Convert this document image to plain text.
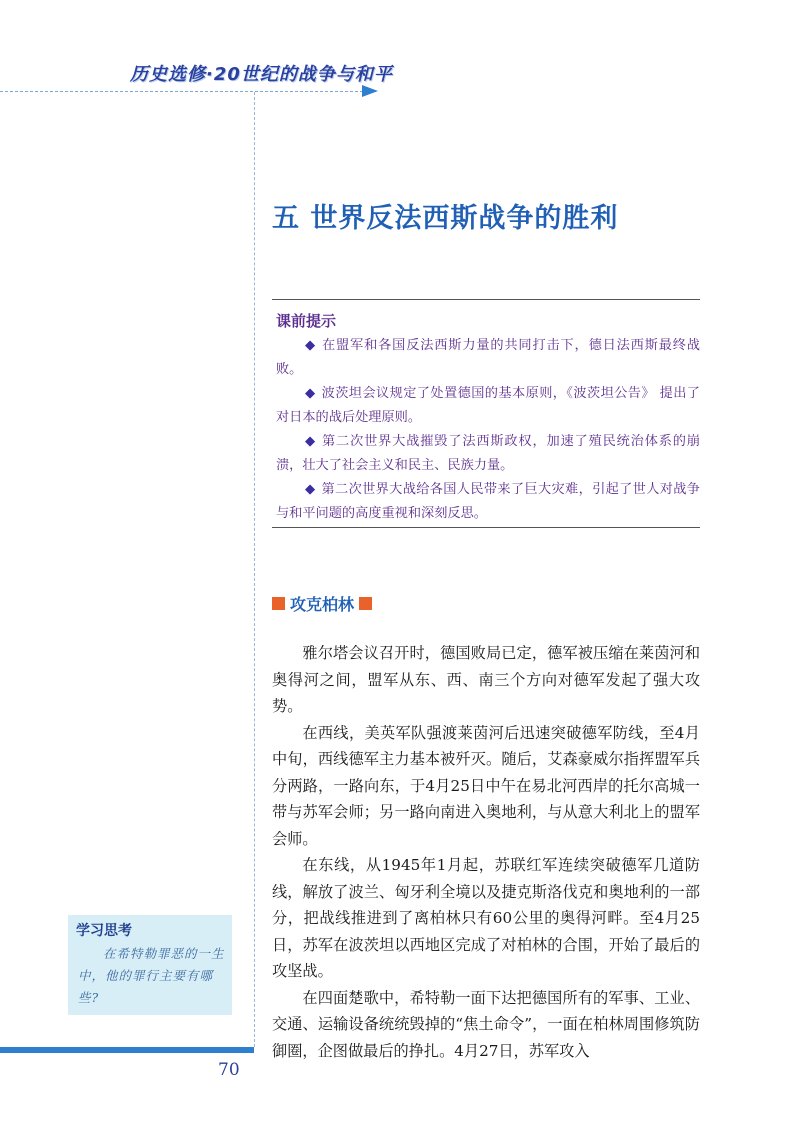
历史选修·20世纪的战争与和平
五 世界反法西斯战争的胜利
课前提示
◆ 在盟军和各国反法西斯力量的共同打击下，德日法西斯最终战败。
◆ 波茨坦会议规定了处置德国的基本原则，《波茨坦公告》 提出了对日本的战后处理原则。
◆ 第二次世界大战摧毁了法西斯政权，加速了殖民统治体系的崩溃，壮大了社会主义和民主、民族力量。
◆ 第二次世界大战给各国人民带来了巨大灾难，引起了世人对战争与和平问题的高度重视和深刻反思。
攻克柏林

雅尔塔会议召开时，德国败局已定，德军被压缩在莱茵河和奥得河之间，盟军从东、西、南三个方向对德军发起了强大攻势。

在西线，美英军队强渡莱茵河后迅速突破德军防线，至4月中旬，西线德军主力基本被歼灭。随后，艾森豪威尔指挥盟军兵分两路，一路向东，于4月25日中午在易北河西岸的托尔高城一带与苏军会师；另一路向南进入奥地利，与从意大利北上的盟军会师。

在东线，从1945年1月起，苏联红军连续突破德军几道防线，解放了波兰、匈牙利全境以及捷克斯洛伐克和奥地利的一部分，把战线推进到了离柏林只有60公里的奥得河畔。至4月25日，苏军在波茨坦以西地区完成了对柏林的合围，开始了最后的攻坚战。

在四面楚歌中，希特勒一面下达把德国所有的军事、工业、交通、运输设备统统毁掉的“焦土命令”，一面在柏林周围修筑防御圈，企图做最后的挣扎。4月27日，苏军攻入

学习思考
在希特勒罪恶的一生中，他的罪行主要有哪些?
70
